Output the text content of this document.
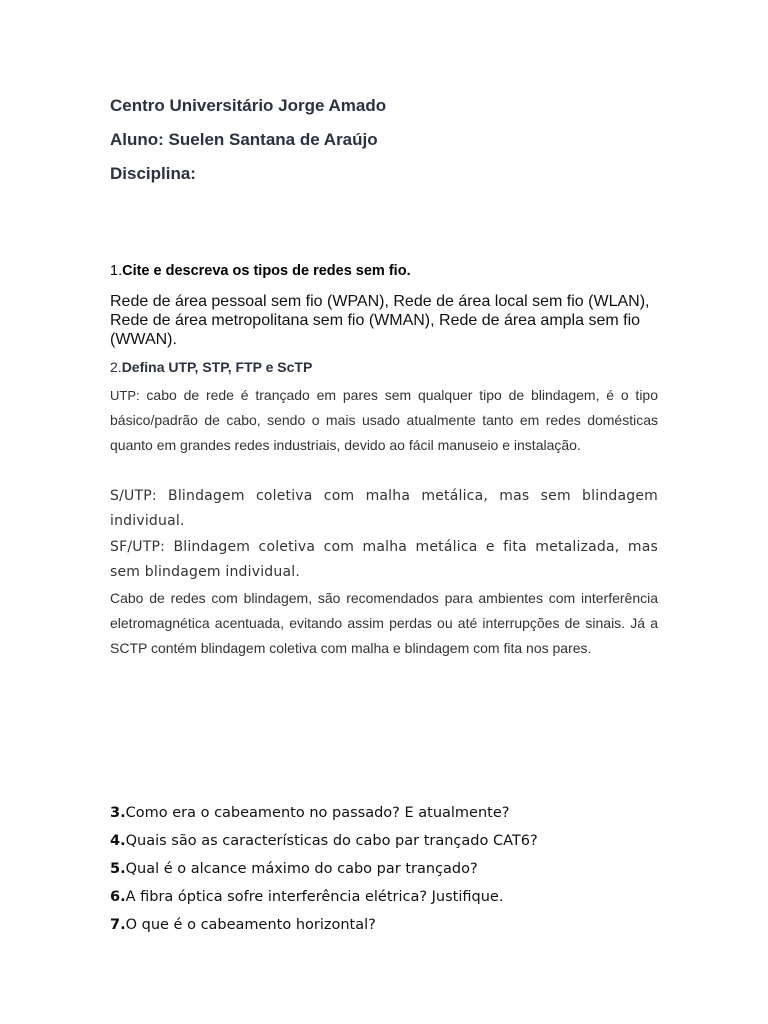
Centro Universitário Jorge Amado

Aluno: Suelen Santana de Araújo

Disciplina:

1.Cite e descreva os tipos de redes sem fio.

Rede de área pessoal sem fio (WPAN), Rede de área local sem fio (WLAN), Rede de área metropolitana sem fio (WMAN), Rede de área ampla sem fio (WWAN).

2.Defina UTP, STP, FTP e ScTP

UTP: cabo de rede é trançado em pares sem qualquer tipo de blindagem, é o tipo básico/padrão de cabo, sendo o mais usado atualmente tanto em redes domésticas quanto em grandes redes industriais, devido ao fácil manuseio e instalação.

S/UTP: Blindagem coletiva com malha metálica, mas sem blindagem individual.

SF/UTP: Blindagem coletiva com malha metálica e fita metalizada, mas sem blindagem individual.

Cabo de redes com blindagem, são recomendados para ambientes com interferência eletromagnética acentuada, evitando assim perdas ou até interrupções de sinais. Já a SCTP contém blindagem coletiva com malha e blindagem com fita nos pares.

3.Como era o cabeamento no passado? E atualmente?

4.Quais são as características do cabo par trançado CAT6?

5.Qual é o alcance máximo do cabo par trançado?

6.A fibra óptica sofre interferência elétrica? Justifique.

7.O que é o cabeamento horizontal?
